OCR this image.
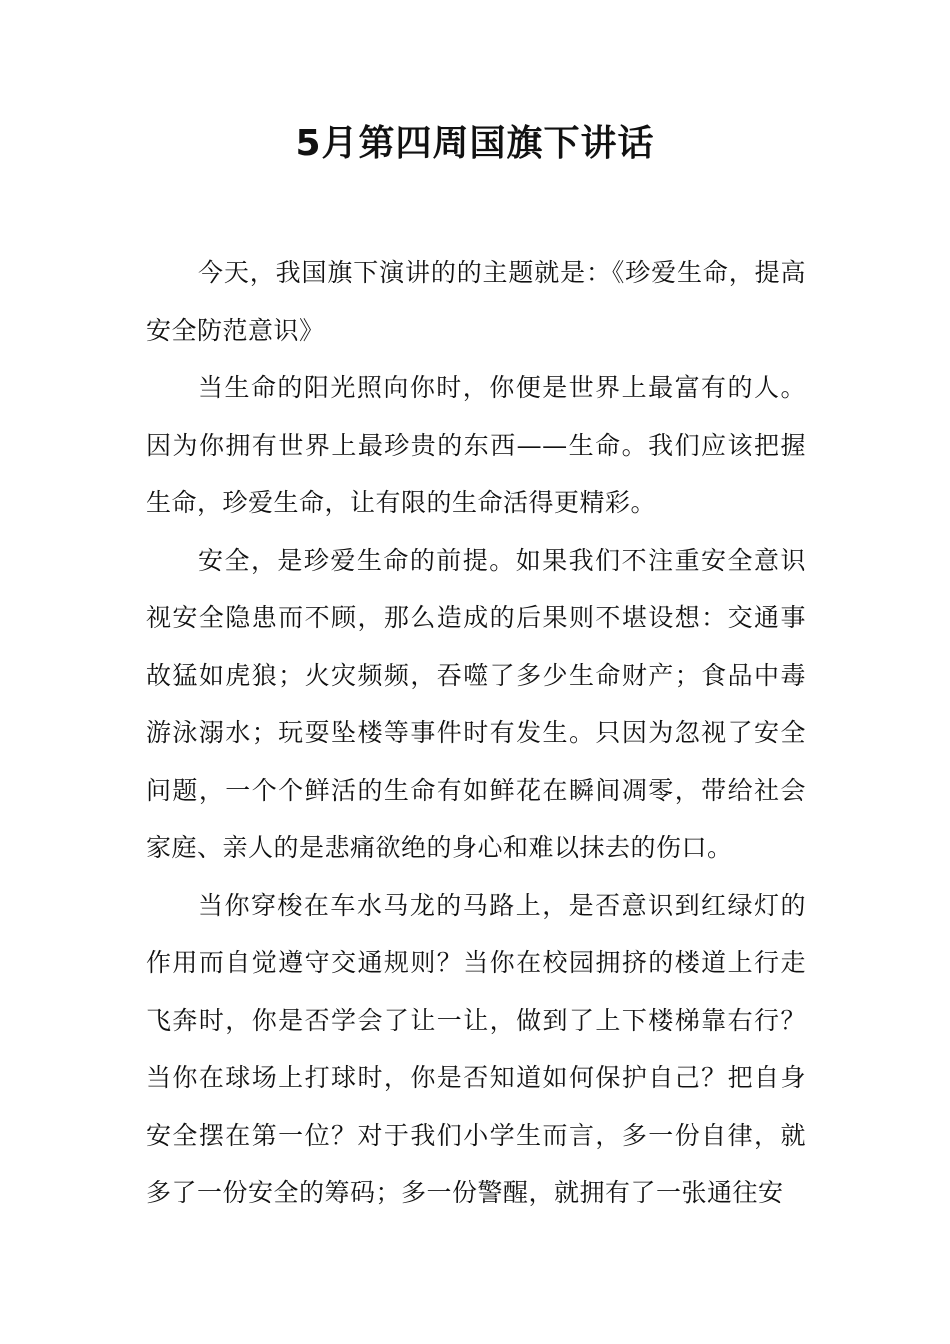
5月第四周国旗下讲话

今天，我国旗下演讲的的主题就是：《珍爱生命，提高安全防范意识》

当生命的阳光照向你时，你便是世界上最富有的人。因为你拥有世界上最珍贵的东西——生命。我们应该把握生命，珍爱生命，让有限的生命活得更精彩。

安全，是珍爱生命的前提。如果我们不注重安全意识视安全隐患而不顾，那么造成的后果则不堪设想：交通事故猛如虎狼；火灾频频，吞噬了多少生命财产；食品中毒游泳溺水；玩耍坠楼等事件时有发生。只因为忽视了安全问题，一个个鲜活的生命有如鲜花在瞬间凋零，带给社会家庭、亲人的是悲痛欲绝的身心和难以抹去的伤口。

当你穿梭在车水马龙的马路上，是否意识到红绿灯的作用而自觉遵守交通规则？当你在校园拥挤的楼道上行走飞奔时，你是否学会了让一让，做到了上下楼梯靠右行？当你在球场上打球时，你是否知道如何保护自己？把自身安全摆在第一位？对于我们小学生而言，多一份自律，就多了一份安全的筹码；多一份警醒，就拥有了一张通往安
